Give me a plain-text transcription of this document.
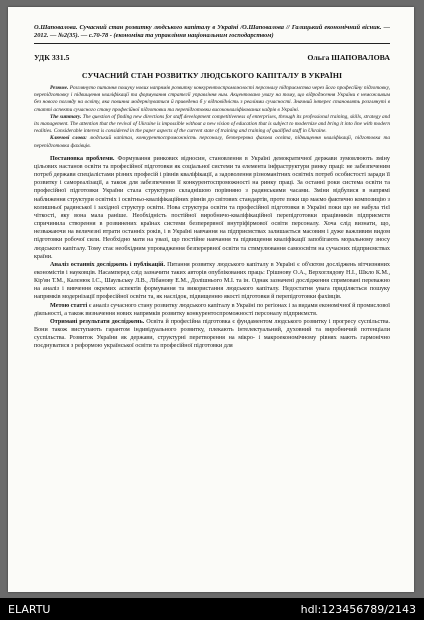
О.Шаповалова. Сучасний стан розвитку людського капіталу в Україні /О.Шаповалова // Галицький економічний вісник. — 2012. — №2(35). — с.70-78 - (економіка та управління національним господарством)
УДК 331.5	Ольга ШАПОВАЛОВА
СУЧАСНИЙ СТАН РОЗВИТКУ ЛЮДСЬКОГО КАПІТАЛУ В УКРАЇНІ
Резюме. Розглянуто питання пошуку нових напрямів розвитку конкурентоспроможності персоналу підприємства через його професійну підготовку, перепідготовку і підвищення кваліфікації та формування стратегії управління ним. Акцентовано увагу на тому, що відродження України є неможливим без нового погляду на освіту, яка повинна модернізуватися й приведена б у відповідність з реаліями сучасності. Значний інтерес становлять розглянуті в статті аспекти сучасного стану професійної підготовки та перепідготовки висококваліфікованих кадрів в Україні.
The summary. The question of finding new directions for staff development competitiveness of enterprises, through its professional training, skills, strategy and its management. The attention that the revival of Ukraine is impossible without a new vision of education that is subject to modernize and bring it into line with modern realities. Considerable interest is considered in the paper aspects of the current state of training and training of qualified staff in Ukraine.
Ключові слова: людський капітал, конкурентоспроможність персоналу, безперервна фахова освіта, підвищення кваліфікації, підготовка та перепідготовка фахівців.
Постановка проблеми. Формування ринкових відносин, становлення в Україні демократичної держави зумовлюють зміну цільових настанов освіти та професійної підготовки як соціальної системи та елемента інфраструктури ринку праці: не забезпеченим потреб держави спеціалістами різних професій і рівнів кваліфікації, а задоволення різноманітних освітніх потреб особистості заради її розвитку і самореалізації, а також для забезпечення її конкурентоспроможності на ринку праці. За останні роки система освіти та професійної підготовки України стала структурно складнішою порівняно з радянськими часами. Зміни відбулися в напрямі наближення структури освітніх і освітньо-кваліфікаційних рівнів до світових стандартів, проте поки що маємо фактично композицію з колишньої радянської і західної структур освіти. Нова структура освіти та професійної підготовки в Україні поки що не набула тієї чіткості, яку вона мала раніше. Необхідність постійної виробничо-кваліфікаційної перепідготовки працівників підприємств спричинила створення в розвинених країнах системи безперервної внутріфірмової освіти персоналу. Хоча слід визнати, що, незважаючи на величезні втрати останніх років, і в Україні навчання на підприємствах залишається масовим і дуже важливим видом підготовки робочої сили. Необхідно мати на увазі, що постійне навчання та підвищення кваліфікації запобігають моральному зносу людського капіталу. Тому стає необхідним упровадження безперервної освіти та стимулювання самоосвіти на сучасних підприємствах країни.
Аналіз останніх досліджень і публікацій. Питання розвитку людського капіталу в Україні є об'єктом досліджень вітчизняних економістів і науковців. Насамперед слід зазначити таких авторів опублікованих праць: Грішнову О.А., Верхоглядову Н.І., Шкло К.М., Кір'ян Т.М., Калєнюк І.С., Шаульську Л.В., Лібанову Е.М., Долішнього М.І. та ін. Однак зазначені дослідження спрямовані переважно на аналіз і вивчення окремих аспектів формування та використання людського капіталу. Недостатня увага приділяється пошуку напрямків модернізації професійної освіти та, як наслідок, підвищенню якості підготовки й перепідготовки фахівців.
Метою статті є аналіз сучасного стану розвитку людського капіталу в Україні по регіонах і за видами економічної й промислової діяльності, а також визначення нових напрямків розвитку конкурентоспроможності персоналу підприємств.
Отримані результати досліджень. Освіта й професійна підготовка є фундаментом людського розвитку і прогресу суспільства. Вони також виступають гарантом індивідуального розвитку, плекають інтелектуальний, духовний та виробничий потенціали суспільства. Розвиток України як держави, структурні перетворення на мікро- і макроекономічному рівнях мають гармонічно поєднуватися з реформою української освіти та професійної підготовки для
ELARTU	hdl:123456789/2143
